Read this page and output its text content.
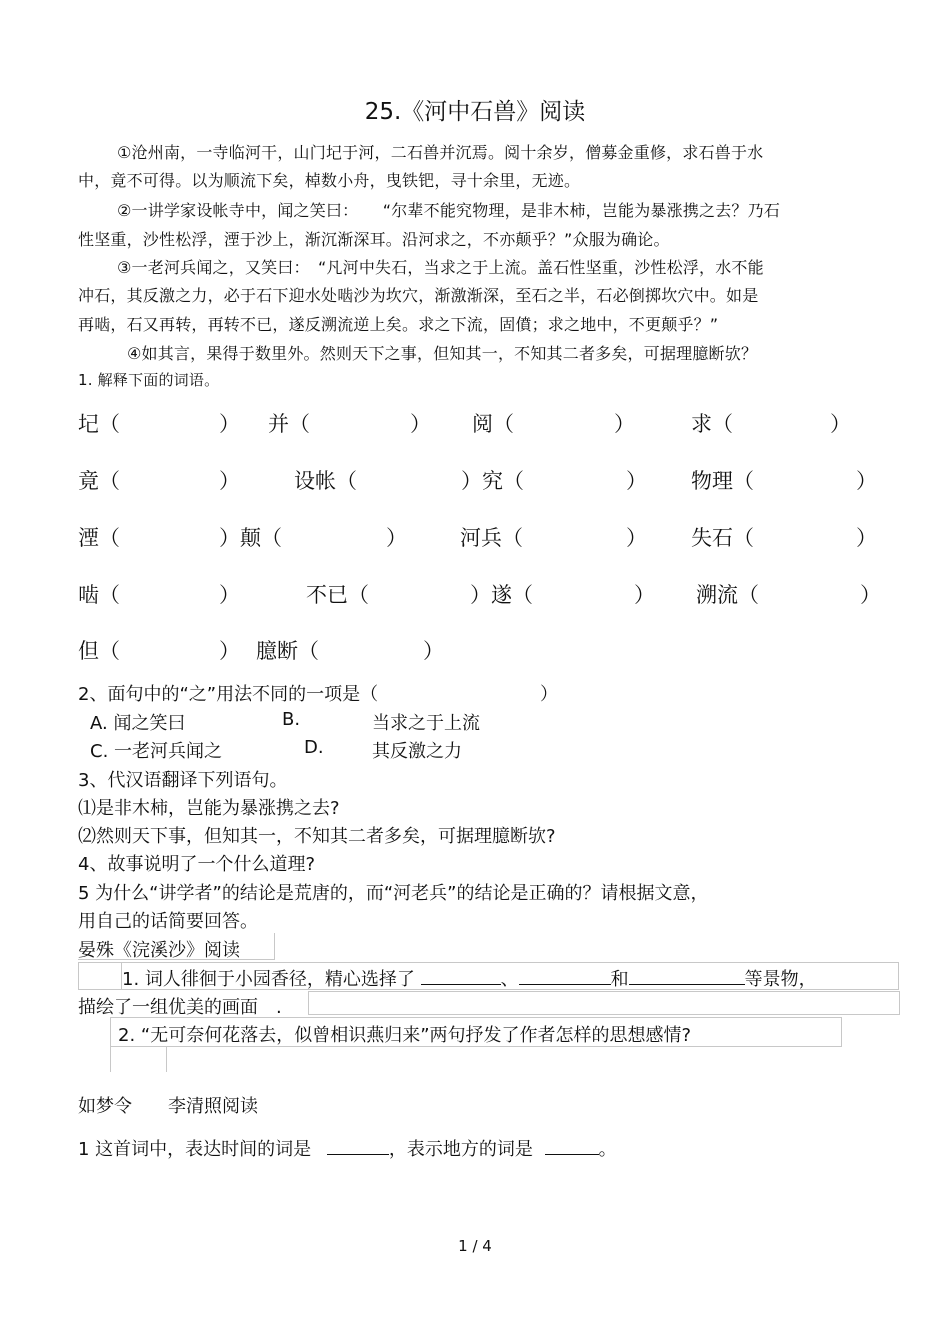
25.《河中石兽》阅读
①沧州南，一寺临河干，山门圮于河，二石兽并沉焉。阅十余岁，僧募金重修，求石兽于水
中，竟不可得。以为顺流下矣，棹数小舟，曳铁钯，寻十余里，无迹。
②一讲学家设帐寺中，闻之笑曰：　　“尔辈不能究物理，是非木柿，岂能为暴涨携之去？乃石
性坚重，沙性松浮，湮于沙上，渐沉渐深耳。沿河求之，不亦颠乎？”众服为确论。
③一老河兵闻之，又笑曰：　“凡河中失石，当求之于上流。盖石性坚重，沙性松浮，水不能
冲石，其反激之力，必于石下迎水处啮沙为坎穴，渐激渐深，至石之半，石必倒掷坎穴中。如是
再啮，石又再转，再转不已，遂反溯流逆上矣。求之下流，固僨；求之地中，不更颠乎？”
④如其言，果得于数里外。然则天下之事，但知其一，不知其二者多矣，可据理臆断欤？
1. 解释下面的词语。
圮（	） 并（	） 阅（	）	求（	）
竟（	）	设帐（	）究（	） 物理（	）
湮（	）颠（	）	河兵（	） 失石（	）
啮（	）	不已（	）遂（	） 溯流（	）
但（	） 臆断（	）
2、面句中的“之”用法不同的一项是（	）
A. 闻之笑曰	B.	当求之于上流
C. 一老河兵闻之	D.	其反激之力
3、代汉语翻译下列语句。
⑴是非木柿，岂能为暴涨携之去?
⑵然则天下事，但知其一，不知其二者多矣，可据理臆断欤?
4、故事说明了一个什么道理?
5 为什么“讲学者”的结论是荒唐的，而“河老兵”的结论是正确的？请根据文意，
用自己的话简要回答。
晏殊《浣溪沙》阅读
1. 词人徘徊于小园香径，精心选择了	、	和	等景物，
描绘了一组优美的画面　.
2. “无可奈何花落去，似曾相识燕归来”两句抒发了作者怎样的思想感情?
如梦令　　李清照阅读
1 这首词中，表达时间的词是	，表示地方的词是	。
1 / 4
